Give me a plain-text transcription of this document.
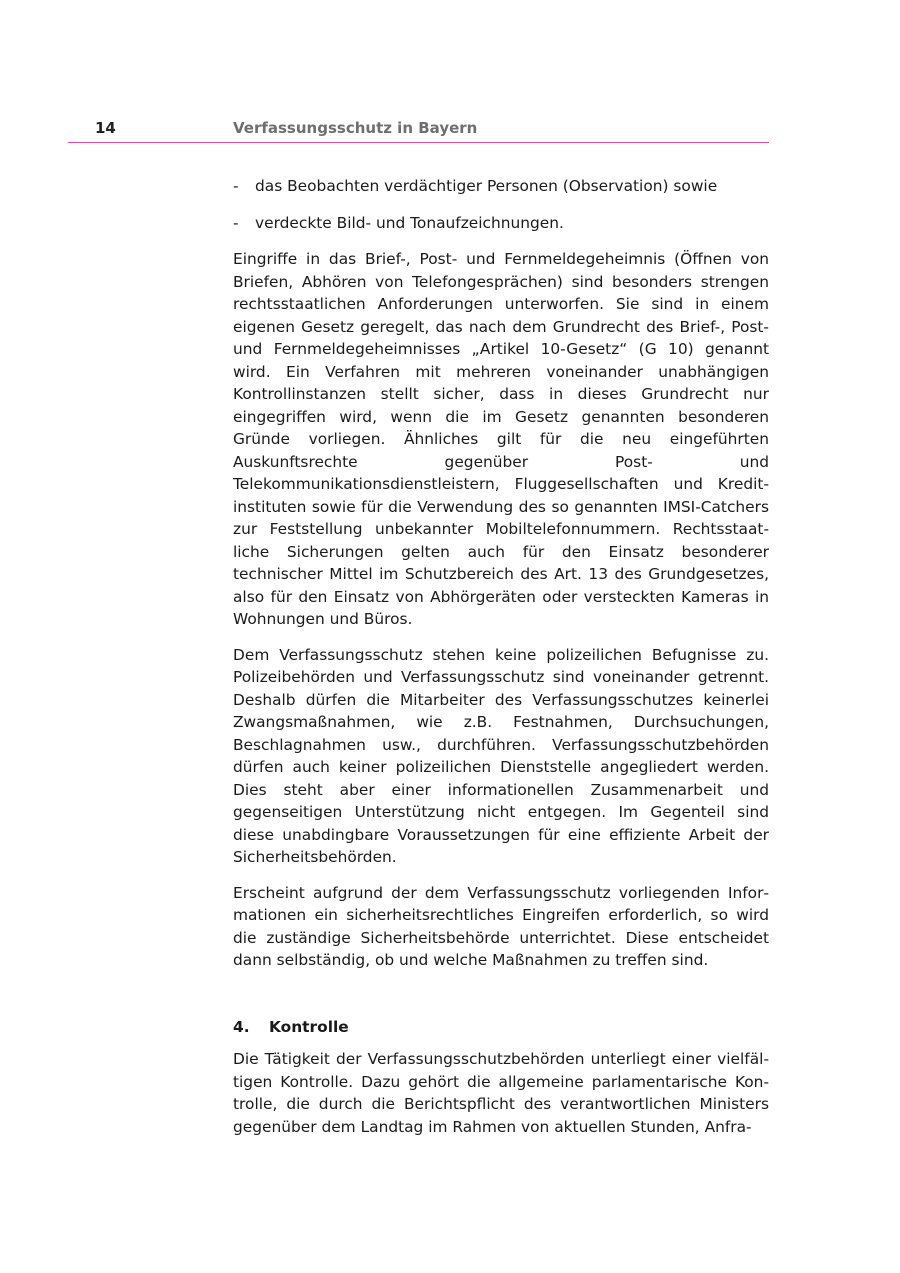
14	Verfassungsschutz in Bayern
-	das Beobachten verdächtiger Personen (Observation) sowie
-	verdeckte Bild- und Tonaufzeichnungen.

Eingriffe in das Brief-, Post- und Fernmeldegeheimnis (Öffnen von Briefen, Abhören von Telefongesprächen) sind besonders strengen rechtsstaatlichen Anforderungen unterworfen. Sie sind in einem eigenen Gesetz geregelt, das nach dem Grundrecht des Brief-, Post- und Fernmeldegeheimnisses „Artikel 10-Gesetz“ (G 10) genannt wird. Ein Verfahren mit mehreren voneinander unabhängigen Kontrollinstanzen stellt sicher, dass in dieses Grundrecht nur eingegriffen wird, wenn die im Gesetz genannten besonderen Gründe vorliegen. Ähnliches gilt für die neu eingeführten Auskunftsrechte gegenüber Post- und Telekommunikationsdienstleistern, Fluggesellschaften und Kreditinstituten sowie für die Verwendung des so genannten IMSI-Catchers zur Feststellung unbekannter Mobiltelefonnummern. Rechtsstaatliche Sicherungen gelten auch für den Einsatz besonderer technischer Mittel im Schutzbereich des Art. 13 des Grundgesetzes, also für den Einsatz von Abhörgeräten oder versteckten Kameras in Wohnungen und Büros.

Dem Verfassungsschutz stehen keine polizeilichen Befugnisse zu. Polizeibehörden und Verfassungsschutz sind voneinander getrennt. Deshalb dürfen die Mitarbeiter des Verfassungsschutzes keinerlei Zwangsmaßnahmen, wie z.B. Festnahmen, Durchsuchungen, Beschlagnahmen usw., durchführen. Verfassungsschutzbehörden dürfen auch keiner polizeilichen Dienststelle angegliedert werden. Dies steht aber einer informationellen Zusammenarbeit und gegenseitigen Unterstützung nicht entgegen. Im Gegenteil sind diese unabdingbare Voraussetzungen für eine effiziente Arbeit der Sicherheitsbehörden.

Erscheint aufgrund der dem Verfassungsschutz vorliegenden Informationen ein sicherheitsrechtliches Eingreifen erforderlich, so wird die zuständige Sicherheitsbehörde unterrichtet. Diese entscheidet dann selbständig, ob und welche Maßnahmen zu treffen sind.

4.	Kontrolle

Die Tätigkeit der Verfassungsschutzbehörden unterliegt einer vielfältigen Kontrolle. Dazu gehört die allgemeine parlamentarische Kontrolle, die durch die Berichtspflicht des verantwortlichen Ministers gegenüber dem Landtag im Rahmen von aktuellen Stunden, Anfra-
